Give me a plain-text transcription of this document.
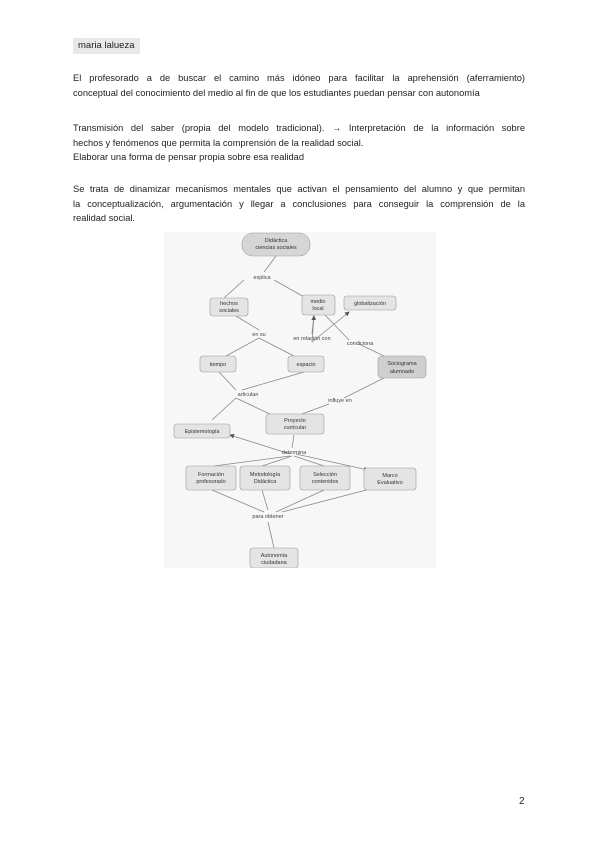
maria lalueza

El profesorado a de buscar el camino más idóneo para facilitar la aprehensión (aferramiento)
conceptual del conocimiento del medio al fin de que los estudiantes puedan pensar con autonomía

Transmisión del saber (propia del modelo tradicional). → Interpretación de la información sobre
hechos y fenómenos que permita la comprensión de la realidad social.
Elaborar una forma de pensar propia sobre esa realidad

Se trata de dinamizar mecanismos mentales que activan el pensamiento del alumno y que permitan
la conceptualización, argumentación y llegar a conclusiones para conseguir la comprensión de la
realidad social.

explica
en su
en relación con
condiciona
articulan
influye en
determina
para obtener
Didáctica
ciencias sociales
hechos
sociales
medio
local
globalización
tiempo	espacio	Sociograma
alumnado
Proyecto
curricular
Epistemología
Formación
profesorado
Metodología
Didáctica
Selección
contenidos
Marco
Evaluativo
Autonomía
ciudadana
2
